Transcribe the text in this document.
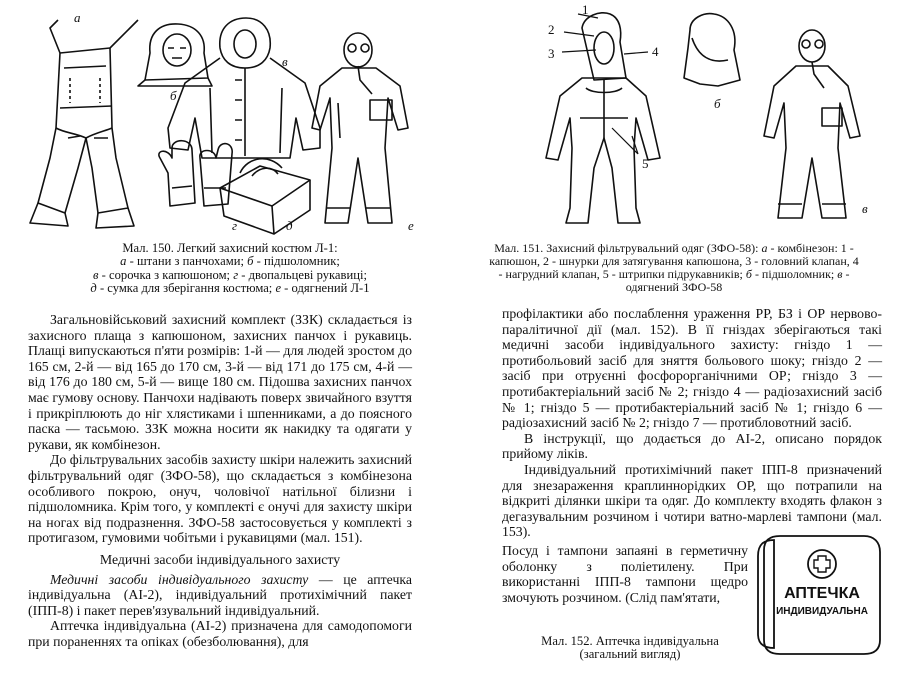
а
б
в
г	д	е
Мал. 150. Легкий захисний костюм Л-1:
а - штани з панчохами; б - підшоломник;
в - сорочка з капюшоном; г - двопальцеві рукавиці;
д - сумка для зберігання костюма; е - одягнений Л-1

Загальновійськовий захисний комплект (ЗЗК) складається із захисного плаща з капюшоном, захисних панчох і рукавиць. Плащі випускаються п'яти розмірів: 1-й — для людей зростом до 165 см, 2-й — від 165 до 170 см, 3-й — від 171 до 175 см, 4-й — від 176 до 180 см, 5-й — вище 180 см. Підошва захисних панчох має гумову основу. Панчохи надівають поверх звичайного взуття і прикріплюють до ніг хлястиками і шпенниками, а до поясного паска — тасьмою. ЗЗК можна носити як накидку та одягати у рукави, як комбінезон.

До фільтрувальних засобів захисту шкіри належить захисний фільтрувальний одяг (ЗФО-58), що складається з комбінезона особливого покрою, онуч, чоловічої натільної білизни і підшоломника. Крім того, у комплекті є онучі для захисту шкіри на ногах від подразнення. ЗФО-58 застосовується у комплекті з протигазом, гумовими чобітьми і рукавицями (мал. 151).

Медичні засоби індивідуального захисту

Медичні засоби індивідуального захисту — це аптечка індивідуальна (АІ-2), індивідуальний протихімічний пакет (ІПП-8) і пакет перев'язувальний індивідуальний.

Аптечка індивідуальна (АІ-2) призначена для самодопомоги при пораненнях та опіках (обезболювання), для

1
2
3	4
5
б
в
Мал. 151. Захисний фільтрувальний одяг (ЗФО-58): а - комбінезон: 1 - капюшон, 2 - шнурки для затягування капюшона, 3 - головний клапан, 4 - нагрудний клапан, 5 - штрипки підрукавників; б - підшоломник; в - одягнений ЗФО-58

профілактики або послаблення ураження РР, БЗ і ОР нервово-паралітичної дії (мал. 152). В її гніздах зберігаються такі медичні засоби індивідуального захисту: гніздо 1 — протибольовий засіб для зняття больового шоку; гніздо 2 — засіб при отруєнні фосфорорганічними ОР; гніздо 3 — протибактеріальний засіб № 2; гніздо 4 — радіозахисний засіб № 1; гніздо 5 — протибактеріальний засіб № 1; гніздо 6 — радіозахисний засіб № 2; гніздо 7 — протибловотний засіб.

В інструкції, що додається до АІ-2, описано порядок прийому ліків.

Індивідуальний протихімічний пакет ІПП-8 призначений для знезараження краплиннорідких ОР, що потрапили на відкриті ділянки шкіри та одяг. До комплекту входять флакон з дегазувальним розчином і чотири ватно-марлеві тампони (мал. 153).

Посуд і тампони запаяні в герметичну оболонку з поліетилену. При використанні ІПП-8 тампони щедро змочують розчином. (Слід пам'ятати,	АПТЕЧКА
ИНДИВИДУАЛЬНА
Мал. 152. Аптечка індивідуальна
(загальний вигляд)
